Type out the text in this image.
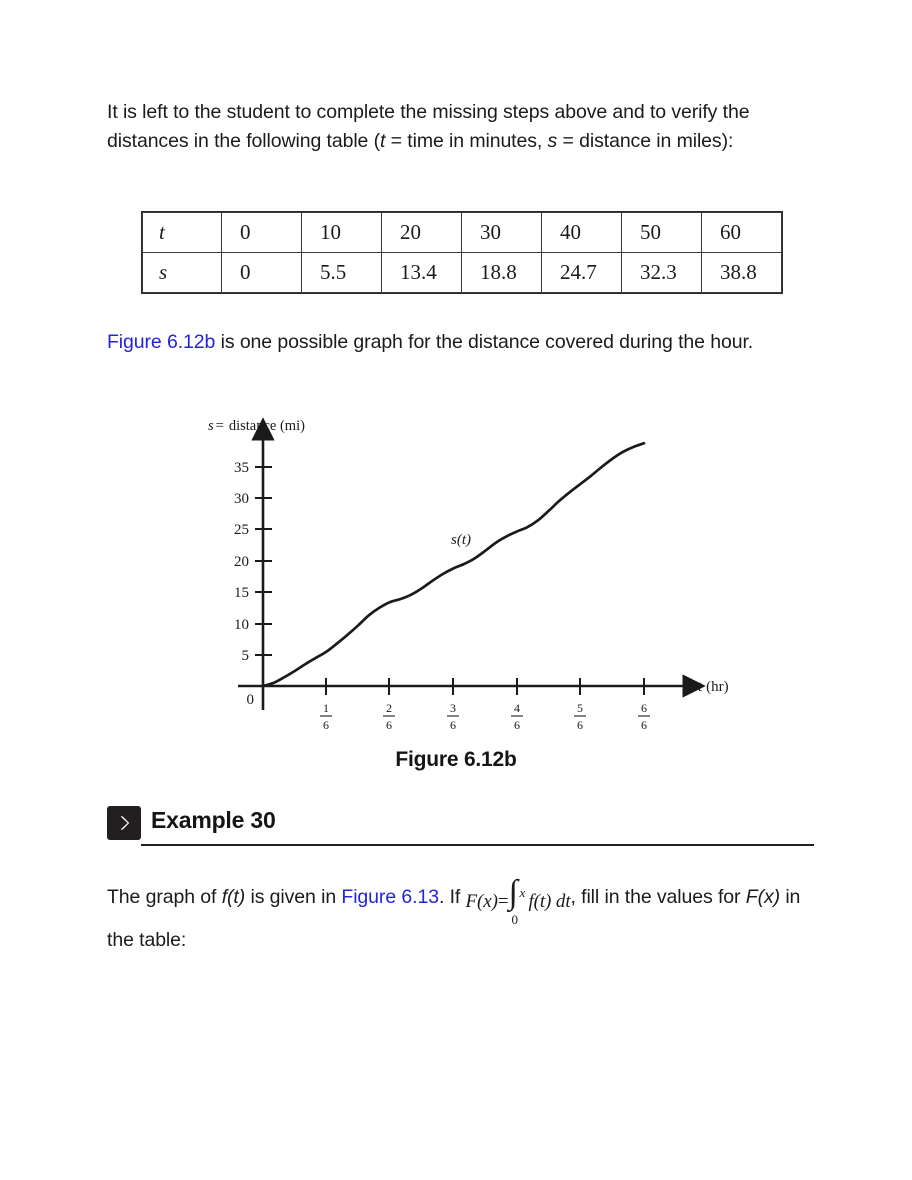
It is left to the student to complete the missing steps above and to verify the distances in the following table (t = time in minutes, s = distance in miles):
t	0	10	20	30	40	50	60
s	0	5.5	13.4	18.8	24.7	32.3	38.8
Figure 6.12b is one possible graph for the distance covered during the hour.
s = distance (mi)
35
30
25
20
15
10
5
0	1
6
2
6
3
6
4
6
5
6
6
6
t (hr)
s(t)
Figure 6.12b
Example 30
The graph of f(t) is given in Figure 6.13. If F(x)= ∫ x
0
f(t) dt, fill in the values for F(x) in the table:
